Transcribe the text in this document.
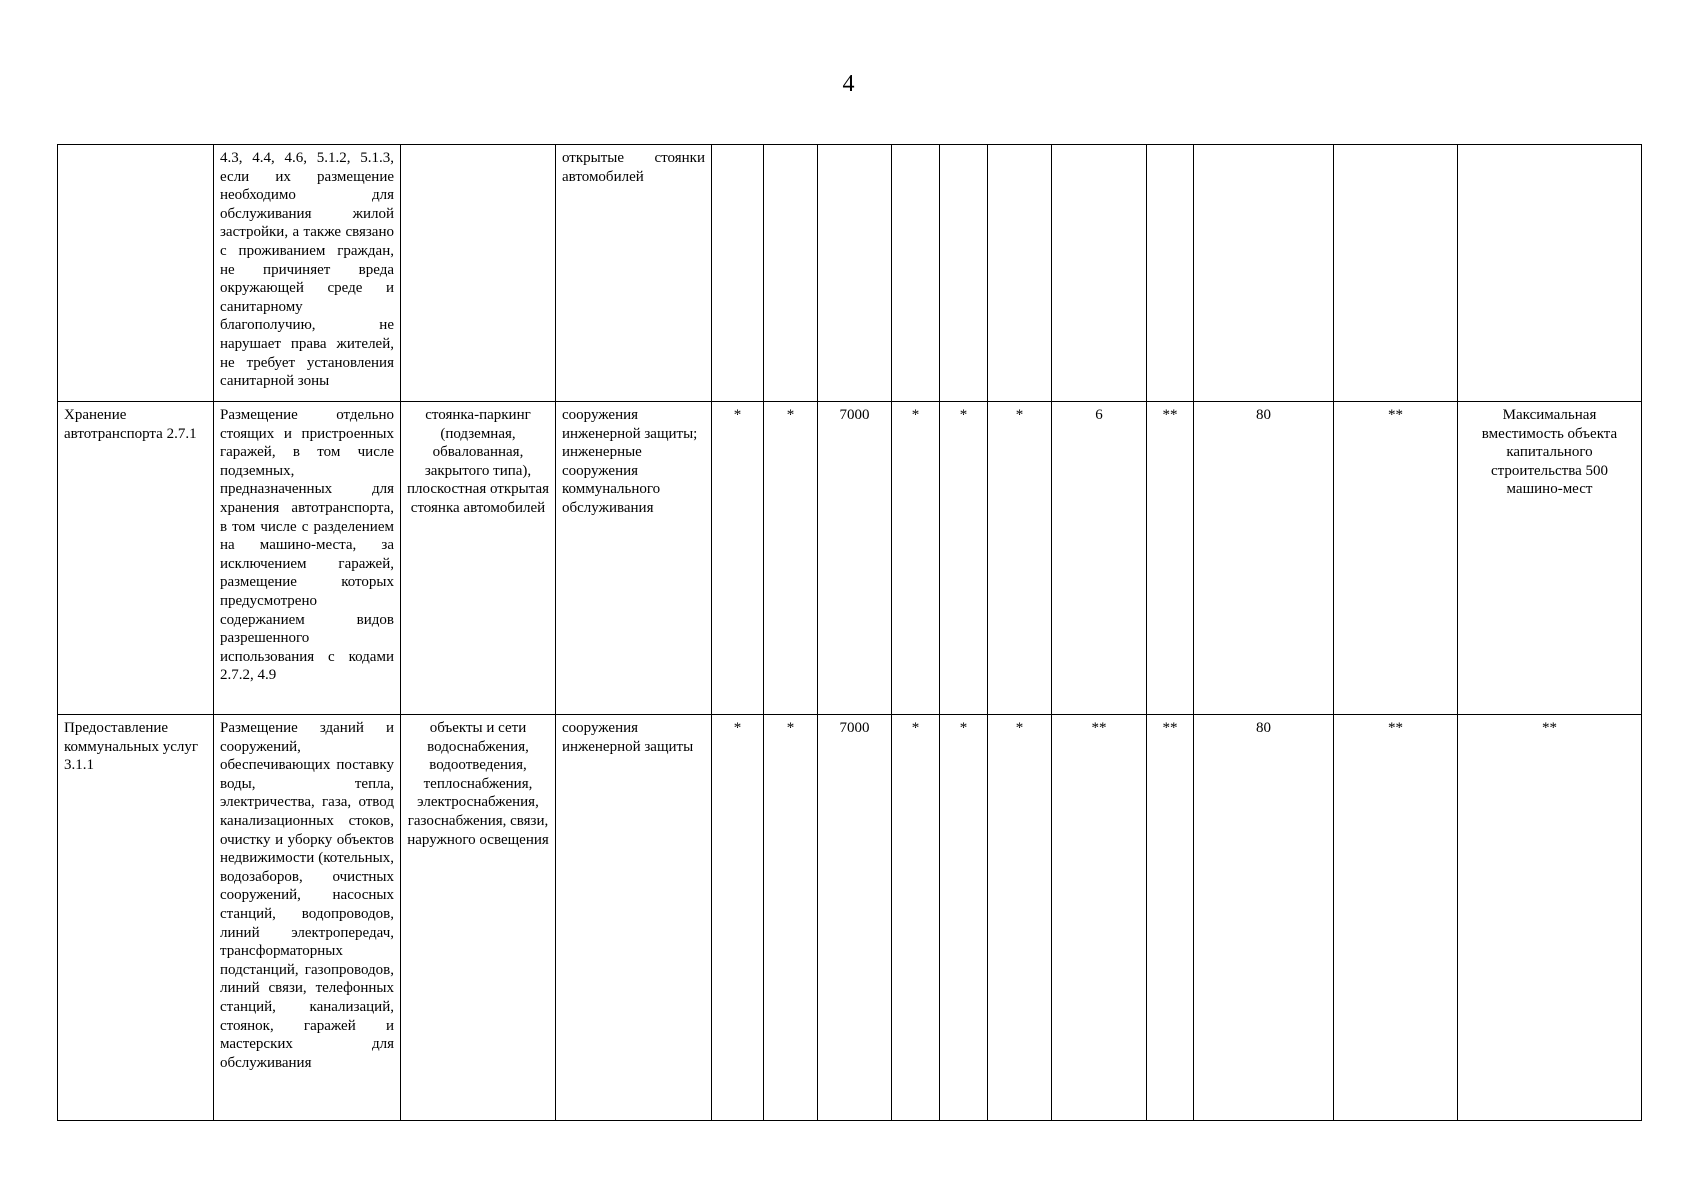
4
	4.3, 4.4, 4.6, 5.1.2, 5.1.3, если их размещение необходимо для обслуживания жилой застройки, а также связано с проживанием граждан, не причиняет вреда окружающей среде и санитарному благополучию, не нарушает права жителей, не требует установления санитарной зоны		открытые стоянки автомобилей											
Хранение автотранспорта 2.7.1	Размещение отдельно стоящих и пристроенных гаражей, в том числе подземных, предназначенных для хранения автотранспорта, в том числе с разделением на машино-места, за исключением гаражей, размещение которых предусмотрено содержанием видов разрешенного использования с кодами 2.7.2, 4.9	стоянка-паркинг (подземная, обвалованная, закрытого типа), плоскостная открытая стоянка автомобилей	сооружения инженерной защиты; инженерные сооружения коммунального обслуживания	*	*	7000	*	*	*	6	**	80	**	Максимальная вместимость объекта капитального строительства 500 машино-мест
Предоставление коммунальных услуг 3.1.1	Размещение зданий и сооружений, обеспечивающих поставку воды, тепла, электричества, газа, отвод канализационных стоков, очистку и уборку объектов недвижимости (котельных, водозаборов, очистных сооружений, насосных станций, водопроводов, линий электропередач, трансформаторных подстанций, газопроводов, линий связи, телефонных станций, канализаций, стоянок, гаражей и мастерских для обслуживания	объекты и сети водоснабжения, водоотведения, теплоснабжения, электроснабжения, газоснабжения, связи, наружного освещения	сооружения инженерной защиты	*	*	7000	*	*	*	**	**	80	**	**
